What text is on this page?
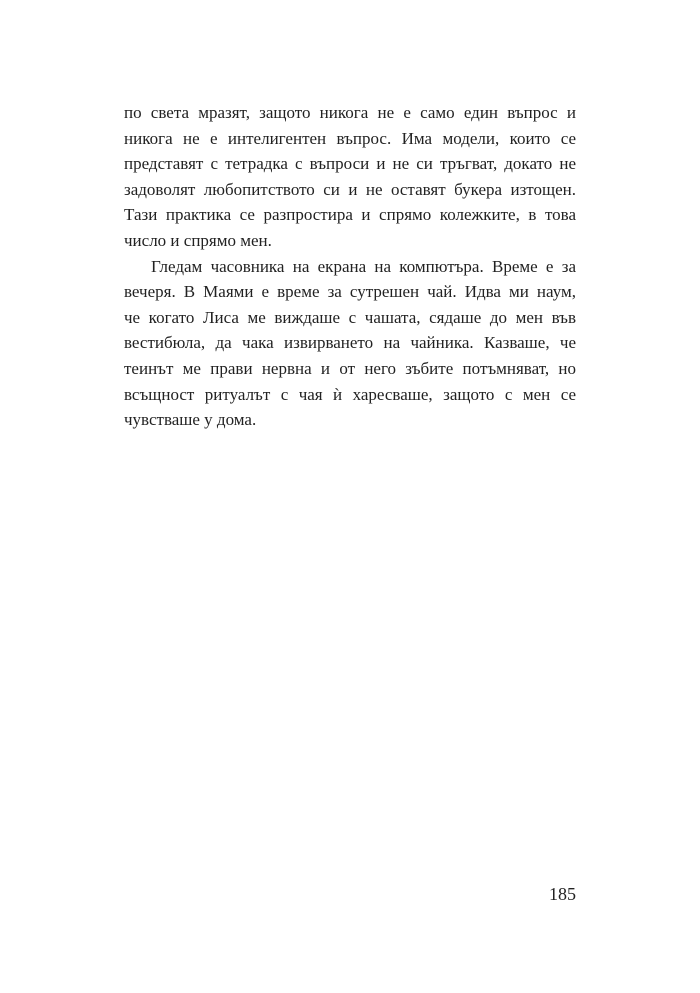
по света мразят, защото никога не е само един въпрос и
никога не е интелигентен въпрос. Има модели, които се
представят с тетрадка с въпроси и не си тръгват, докато не
задоволят любопитството си и не оставят букера изтощен.
Тази практика се разпростира и спрямо колежките, в това
число и спрямо мен.
Гледам часовника на екрана на компютъра. Време е за
вечеря. В Маями е време за сутрешен чай. Идва ми наум,
че когато Лиса ме виждаше с чашата, сядаше до мен във
вестибюла, да чака извирването на чайника. Казваше, че
теинът ме прави нервна и от него зъбите потъмняват, но
всъщност ритуалът с чая ѝ харесваше, защото с мен се
чувстваше у дома.
185
